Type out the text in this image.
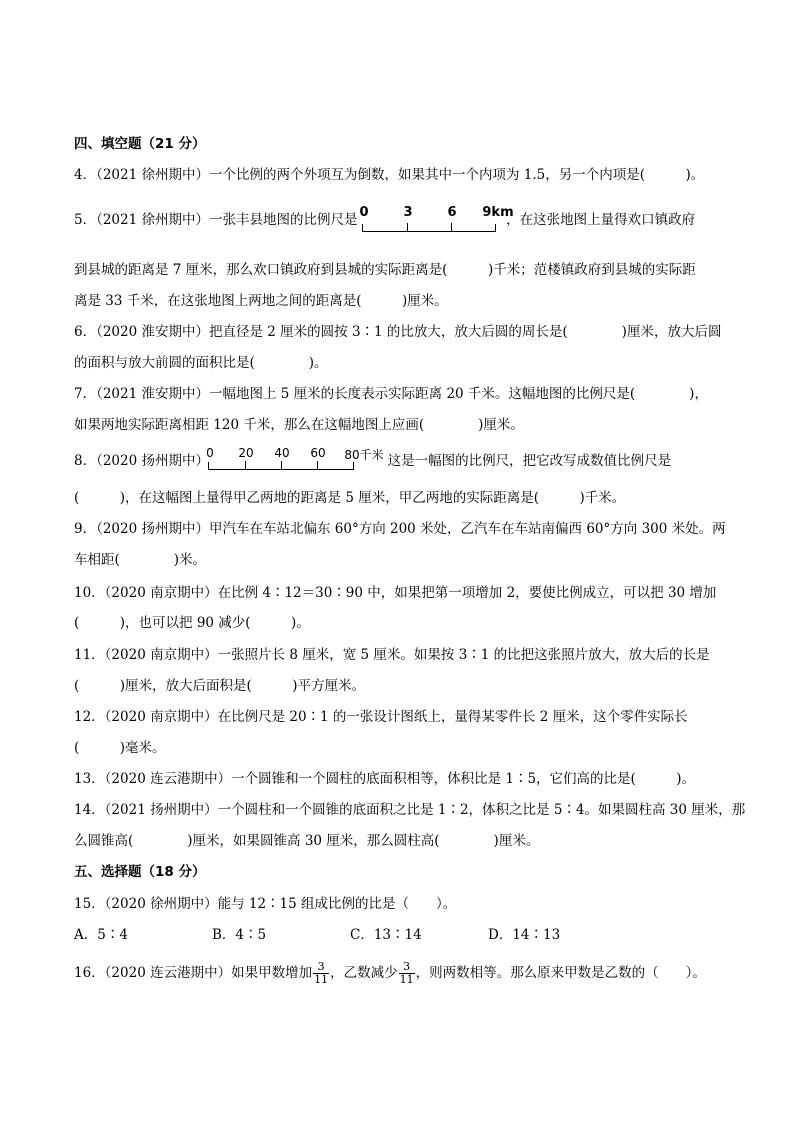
四、填空题（21 分）
4．（2021 徐州期中）一个比例的两个外项互为倒数，如果其中一个内项为 1.5，另一个内项是(　　　)。
5．（2021 徐州期中）一张丰县地图的比例尺是	，在这张地图上量得欢口镇政府
0	3	6 9km
到县城的距离是 7 厘米，那么欢口镇政府到县城的实际距离是(　　　)千米；范楼镇政府到县城的实际距
离是 33 千米，在这张地图上两地之间的距离是(　　　)厘米。
6．（2020 淮安期中）把直径是 2 厘米的圆按 3∶1 的比放大，放大后圆的周长是(　　　　)厘米，放大后圆
的面积与放大前圆的面积比是(　　　　)。
7．（2021 淮安期中）一幅地图上 5 厘米的长度表示实际距离 20 千米。这幅地图的比例尺是(　　　　)，
如果两地实际距离相距 120 千米，那么在这幅地图上应画(　　　　)厘米。
8．（2020 扬州期中）	这是一幅图的比例尺，把它改写成数值比例尺是
0 20 40 60 80千米
(　　　)，在这幅图上量得甲乙两地的距离是 5 厘米，甲乙两地的实际距离是(　　　)千米。
9．（2020 扬州期中）甲汽车在车站北偏东 60°方向 200 米处，乙汽车在车站南偏西 60°方向 300 米处。两
车相距(　　　　)米。
10．（2020 南京期中）在比例 4∶12＝30∶90 中，如果把第一项增加 2，要使比例成立，可以把 30 增加
(　　　)，也可以把 90 减少(　　　)。
11．（2020 南京期中）一张照片长 8 厘米，宽 5 厘米。如果按 3∶1 的比把这张照片放大，放大后的长是
(　　　)厘米，放大后面积是(　　　)平方厘米。
12．（2020 南京期中）在比例尺是 20∶1 的一张设计图纸上，量得某零件长 2 厘米，这个零件实际长
(　　　)毫米。
13．（2020 连云港期中）一个圆锥和一个圆柱的底面积相等，体积比是 1∶5，它们高的比是(　　　)。
14．（2021 扬州期中）一个圆柱和一个圆锥的底面积之比是 1∶2，体积之比是 5∶4。如果圆柱高 30 厘米，那
么圆锥高(　　　　)厘米，如果圆锥高 30 厘米，那么圆柱高(　　　　)厘米。
五、选择题（18 分）
15．（2020 徐州期中）能与 12∶15 组成比例的比是（　　）。
A．5∶4	B．4∶5	C．13∶14	D．14∶13
16．（2020 连云港期中）如果甲数增加 $\frac{3}{11}$ ，乙数减少 $\frac{3}{11}$ ，则两数相等。那么原来甲数是乙数的（　　）。
